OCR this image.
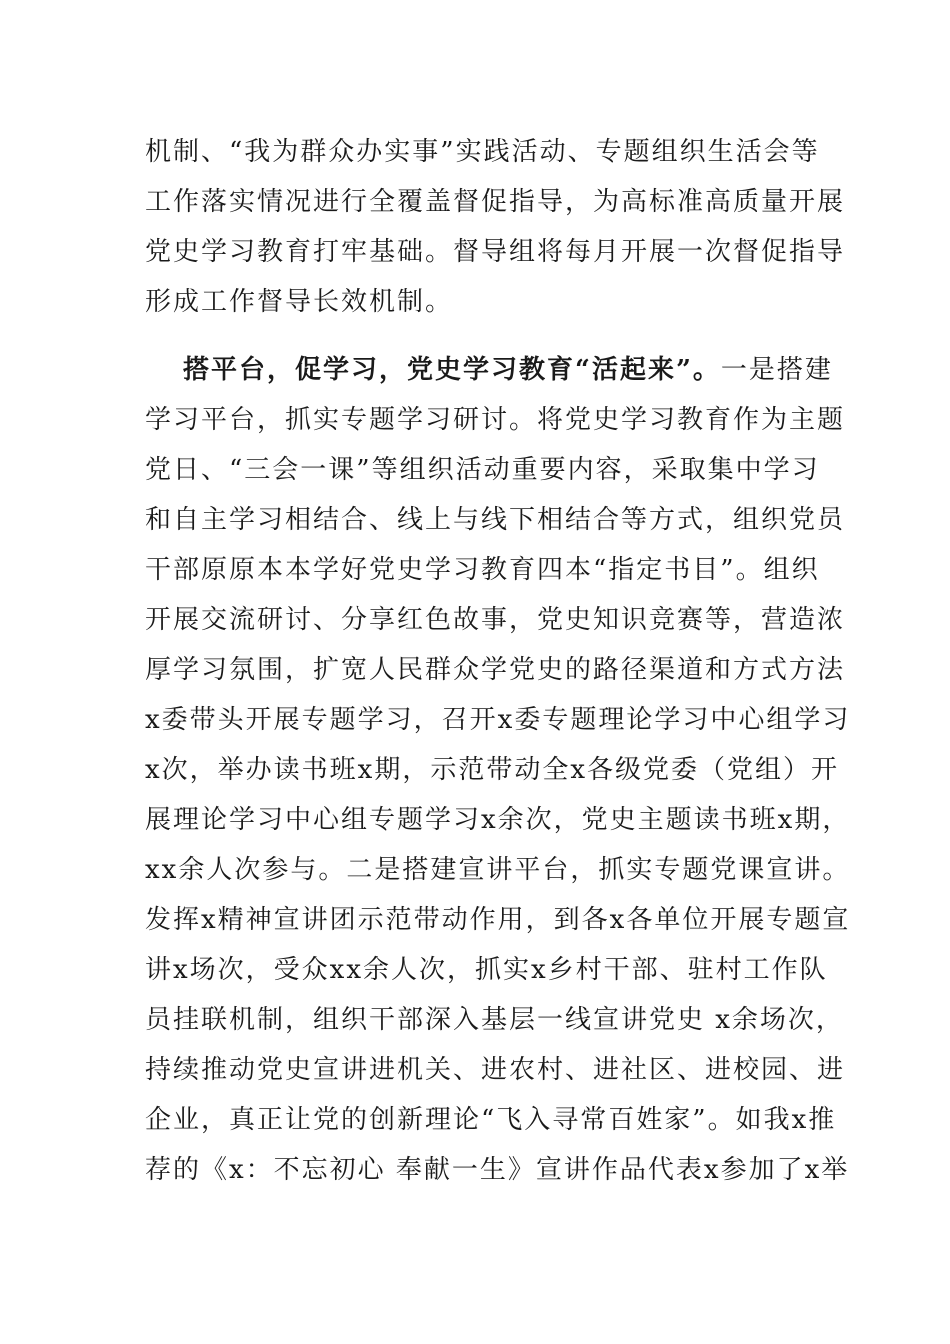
机制、“我为群众办实事”实践活动、专题组织生活会等
工作落实情况进行全覆盖督促指导，为高标准高质量开展
党史学习教育打牢基础。督导组将每月开展一次督促指导
形成工作督导长效机制。
搭平台，促学习，党史学习教育“活起来”。一是搭建
学习平台，抓实专题学习研讨。将党史学习教育作为主题
党日、“三会一课”等组织活动重要内容，采取集中学习
和自主学习相结合、线上与线下相结合等方式，组织党员
干部原原本本学好党史学习教育四本“指定书目”。组织
开展交流研讨、分享红色故事，党史知识竞赛等，营造浓
厚学习氛围，扩宽人民群众学党史的路径渠道和方式方法
x委带头开展专题学习，召开x委专题理论学习中心组学习
x次，举办读书班x期，示范带动全x各级党委（党组）开
展理论学习中心组专题学习x余次，党史主题读书班x期，
xx余人次参与。二是搭建宣讲平台，抓实专题党课宣讲。
发挥x精神宣讲团示范带动作用，到各x各单位开展专题宣
讲x场次，受众xx余人次，抓实x乡村干部、驻村工作队
员挂联机制，组织干部深入基层一线宣讲党史 x余场次，
持续推动党史宣讲进机关、进农村、进社区、进校园、进
企业，真正让党的创新理论“飞入寻常百姓家”。如我x推
荐的《x：不忘初心 奉献一生》宣讲作品代表x参加了x举
